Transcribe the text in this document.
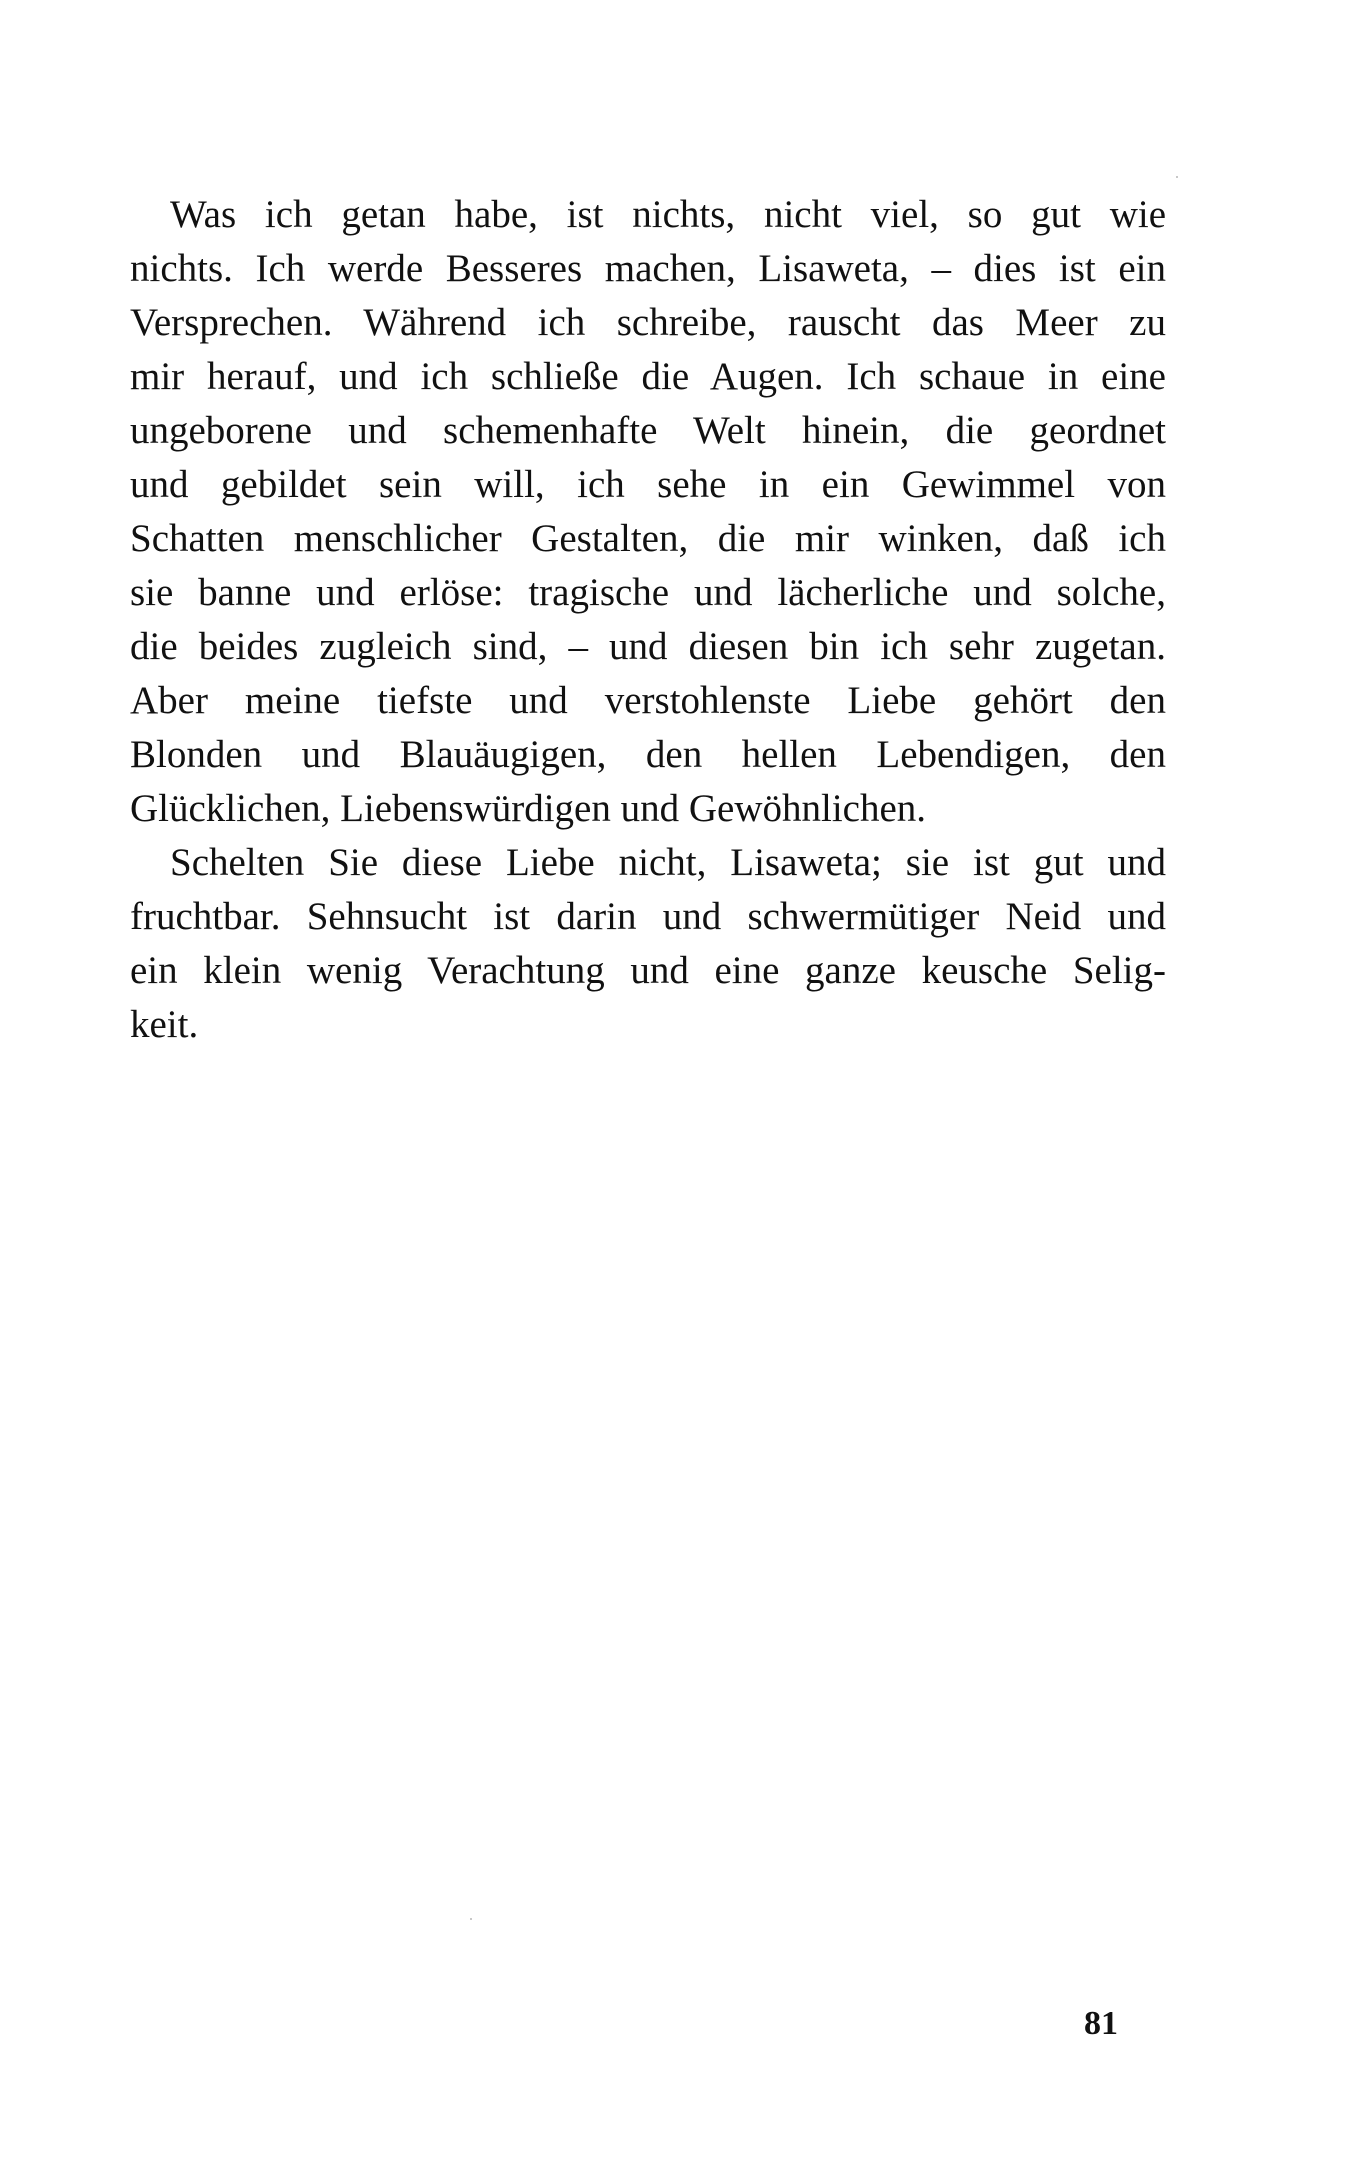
Was ich getan habe, ist nichts, nicht viel, so gut wie
nichts. Ich werde Besseres machen, Lisaweta, – dies ist ein
Versprechen. Während ich schreibe, rauscht das Meer zu
mir herauf, und ich schließe die Augen. Ich schaue in eine
ungeborene und schemenhafte Welt hinein, die geordnet
und gebildet sein will, ich sehe in ein Gewimmel von
Schatten menschlicher Gestalten, die mir winken, daß ich
sie banne und erlöse: tragische und lächerliche und solche,
die beides zugleich sind, – und diesen bin ich sehr zugetan.
Aber meine tiefste und verstohlenste Liebe gehört den
Blonden und Blauäugigen, den hellen Lebendigen, den
Glücklichen, Liebenswürdigen und Gewöhnlichen.
Schelten Sie diese Liebe nicht, Lisaweta; sie ist gut und
fruchtbar. Sehnsucht ist darin und schwermütiger Neid und
ein klein wenig Verachtung und eine ganze keusche Selig-
keit.
81
